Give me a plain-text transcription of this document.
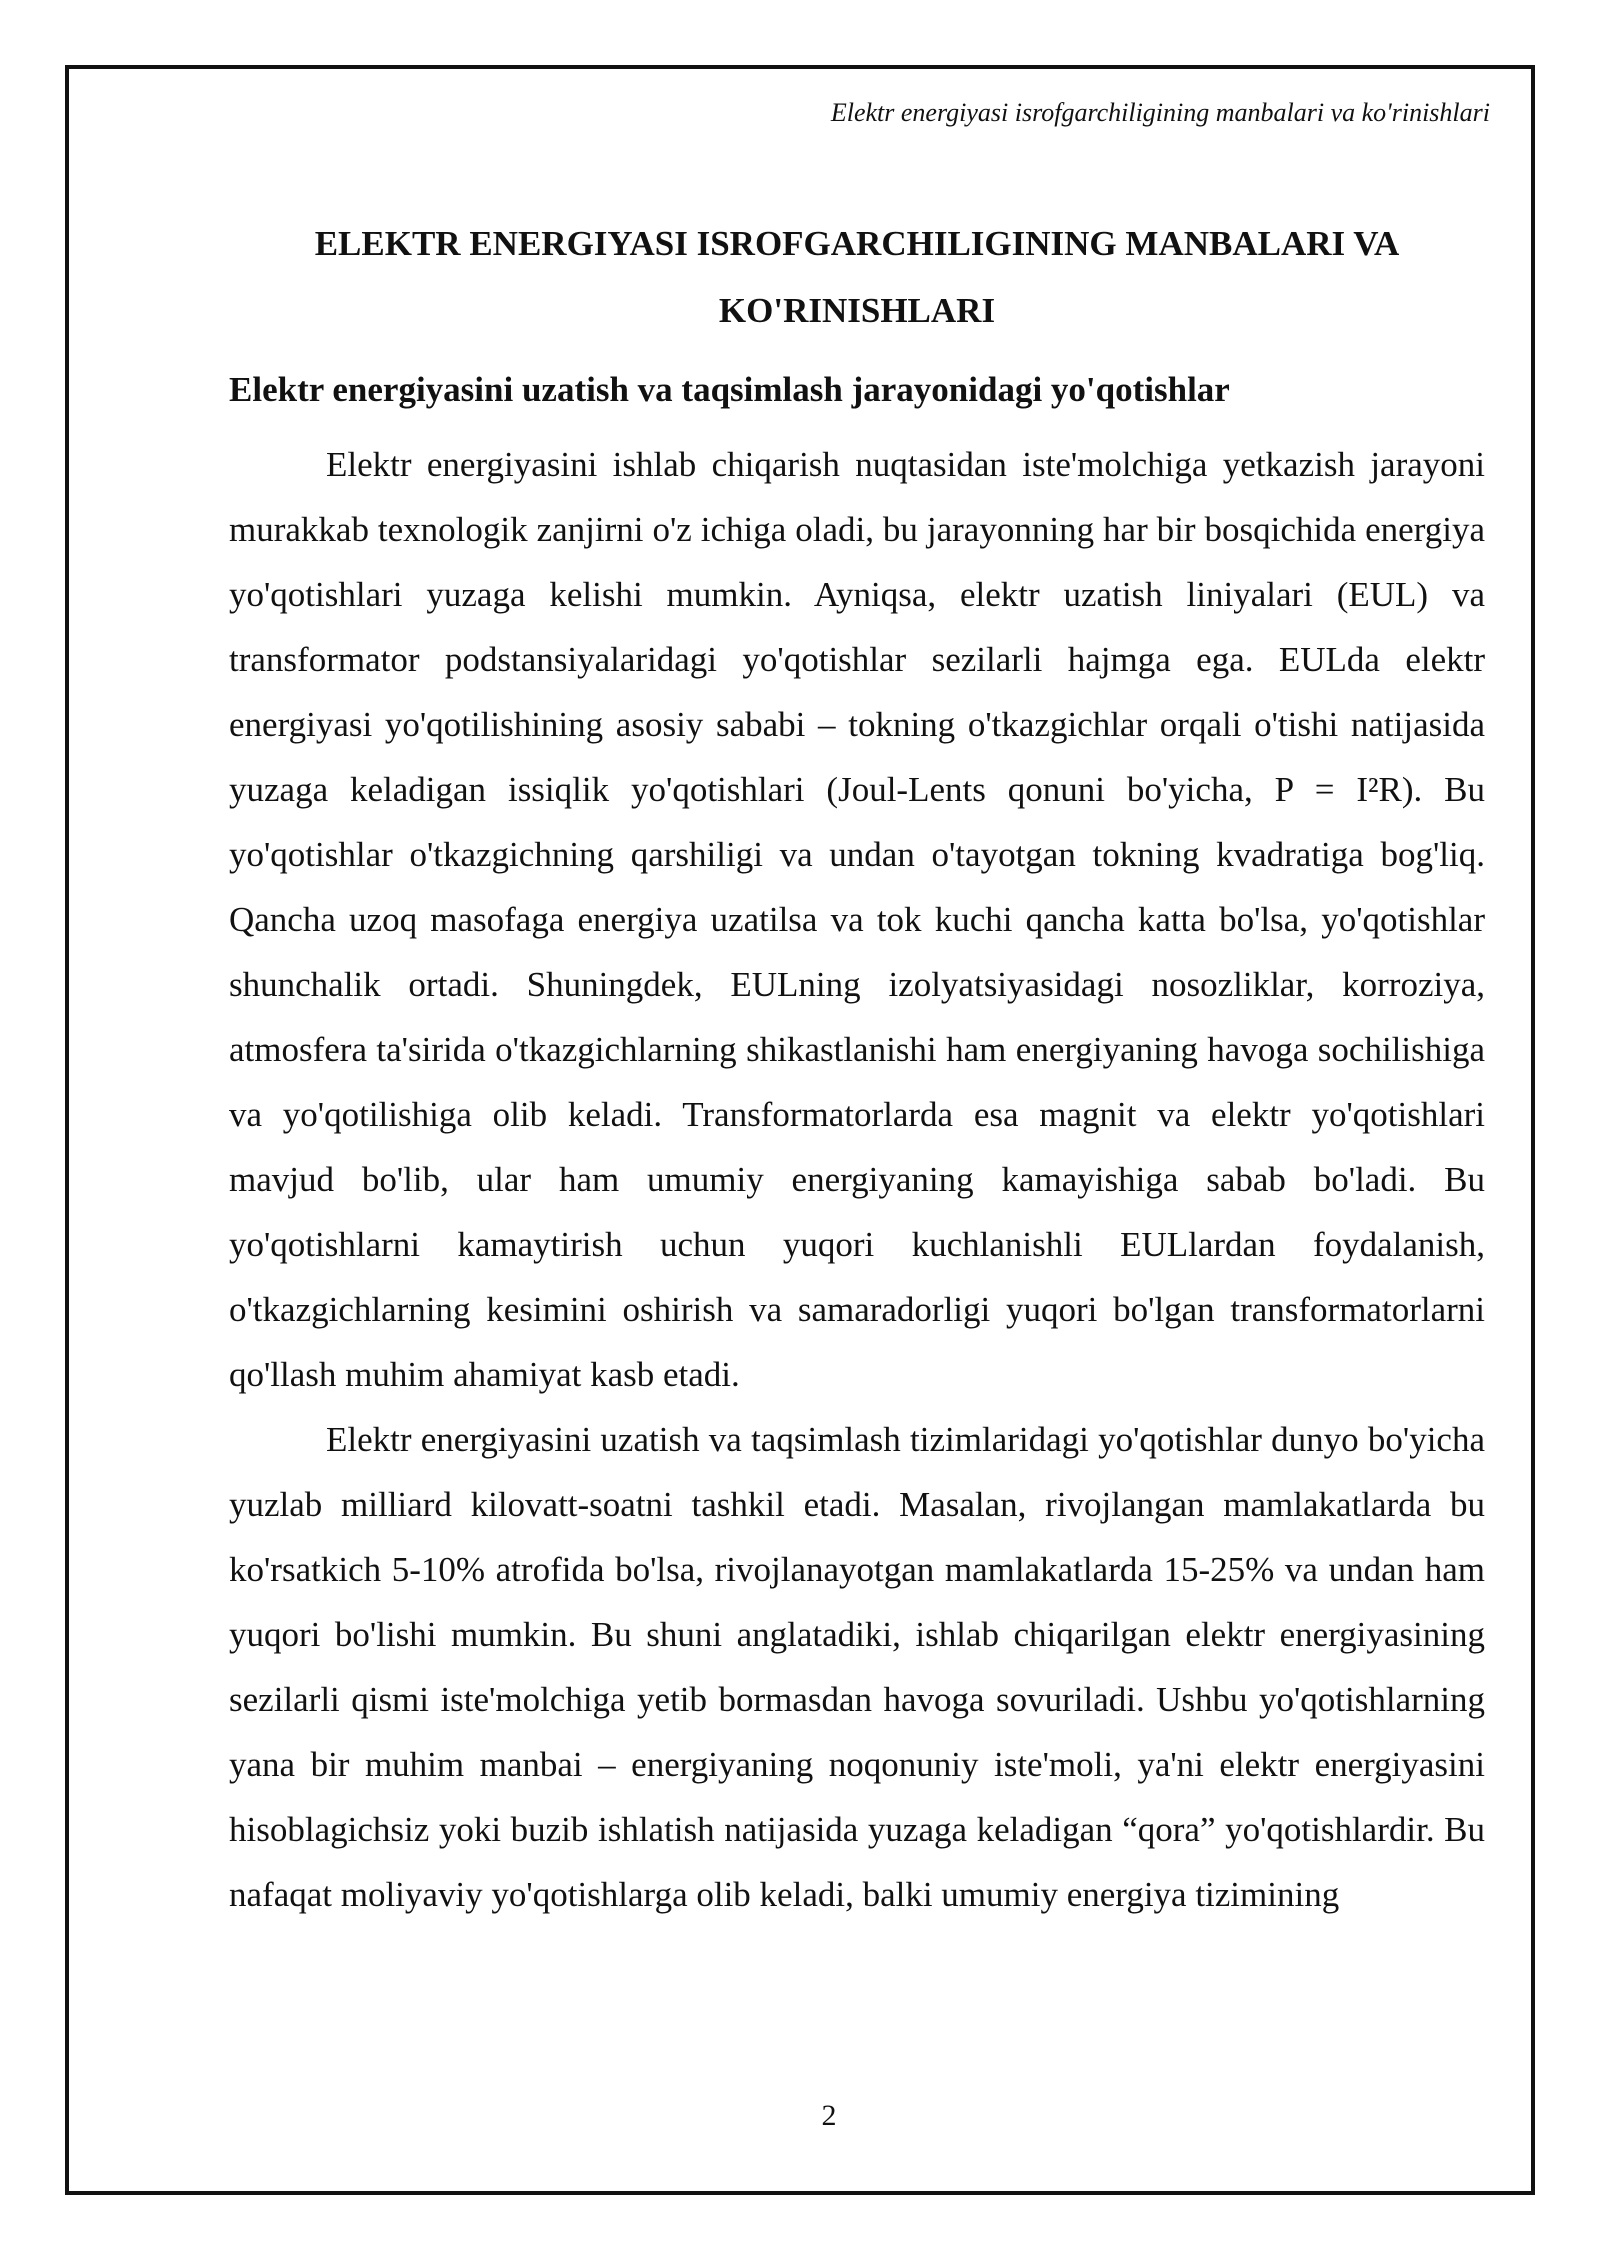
Elektr energiyasi isrofgarchiligining manbalari va ko'rinishlari
ELEKTR ENERGIYASI ISROFGARCHILIGINING MANBALARI VA KO'RINISHLARI
Elektr energiyasini uzatish va taqsimlash jarayonidagi yo'qotishlar

Elektr energiyasini ishlab chiqarish nuqtasidan iste'molchiga yetkazish jarayoni murakkab texnologik zanjirni o'z ichiga oladi, bu jarayonning har bir bosqichida energiya yo'qotishlari yuzaga kelishi mumkin. Ayniqsa, elektr uzatish liniyalari (EUL) va transformator podstansiyalaridagi yo'qotishlar sezilarli hajmga ega. EULda elektr energiyasi yo'qotilishining asosiy sababi – tokning o'tkazgichlar orqali o'tishi natijasida yuzaga keladigan issiqlik yo'qotishlari (Joul-Lents qonuni bo'yicha, P = I²R). Bu yo'qotishlar o'tkazgichning qarshiligi va undan o'tayotgan tokning kvadratiga bog'liq. Qancha uzoq masofaga energiya uzatilsa va tok kuchi qancha katta bo'lsa, yo'qotishlar shunchalik ortadi. Shuningdek, EULning izolyatsiyasidagi nosozliklar, korroziya, atmosfera ta'sirida o'tkazgichlarning shikastlanishi ham energiyaning havoga sochilishiga va yo'qotilishiga olib keladi. Transformatorlarda esa magnit va elektr yo'qotishlari mavjud bo'lib, ular ham umumiy energiyaning kamayishiga sabab bo'ladi. Bu yo'qotishlarni kamaytirish uchun yuqori kuchlanishli EULlardan foydalanish, o'tkazgichlarning kesimini oshirish va samaradorligi yuqori bo'lgan transformatorlarni qo'llash muhim ahamiyat kasb etadi.

Elektr energiyasini uzatish va taqsimlash tizimlaridagi yo'qotishlar dunyo bo'yicha yuzlab milliard kilovatt-soatni tashkil etadi. Masalan, rivojlangan mamlakatlarda bu ko'rsatkich 5-10% atrofida bo'lsa, rivojlanayotgan mamlakatlarda 15-25% va undan ham yuqori bo'lishi mumkin. Bu shuni anglatadiki, ishlab chiqarilgan elektr energiyasining sezilarli qismi iste'molchiga yetib bormasdan havoga sovuriladi. Ushbu yo'qotishlarning yana bir muhim manbai – energiyaning noqonuniy iste'moli, ya'ni elektr energiyasini hisoblagichsiz yoki buzib ishlatish natijasida yuzaga keladigan “qora” yo'qotishlardir. Bu nafaqat moliyaviy yo'qotishlarga olib keladi, balki umumiy energiya tizimining

2
